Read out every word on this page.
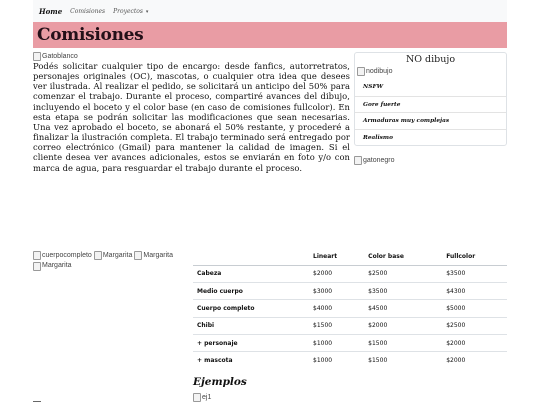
Home Comisiones Proyectos ▾
Comisiones
Gatoblanco

Podés solicitar cualquier tipo de encargo: desde fanfics, autorretratos, personajes originales (OC), mascotas, o cualquier otra idea que desees ver ilustrada. Al realizar el pedido, se solicitará un anticipo del 50% para comenzar el trabajo. Durante el proceso, compartiré avances del dibujo, incluyendo el boceto y el color base (en caso de comisiones fullcolor). En esta etapa se podrán solicitar las modificaciones que sean necesarias. Una vez aprobado el boceto, se abonará el 50% restante, y procederé a finalizar la ilustración completa. El trabajo terminado será entregado por correo electrónico (Gmail) para mantener la calidad de imagen. Si el cliente desea ver avances adicionales, estos se enviarán en foto y/o con marca de agua, para resguardar el trabajo durante el proceso.

cuerpocompleto Margarita Margarita
Margarita
NO dibujo
nodibujo
NSFW
Gore fuerte
Armaduras muy complejas
Realismo
gatonegro
	Lineart	Color base	Fullcolor
Cabeza	$2000	$2500	$3500
Medio cuerpo	$3000	$3500	$4300
Cuerpo completo	$4000	$4500	$5000
Chibi	$1500	$2000	$2500
+ personaje	$1000	$1500	$2000
+ mascota	$1000	$1500	$2000
Ejemplos
ej1
